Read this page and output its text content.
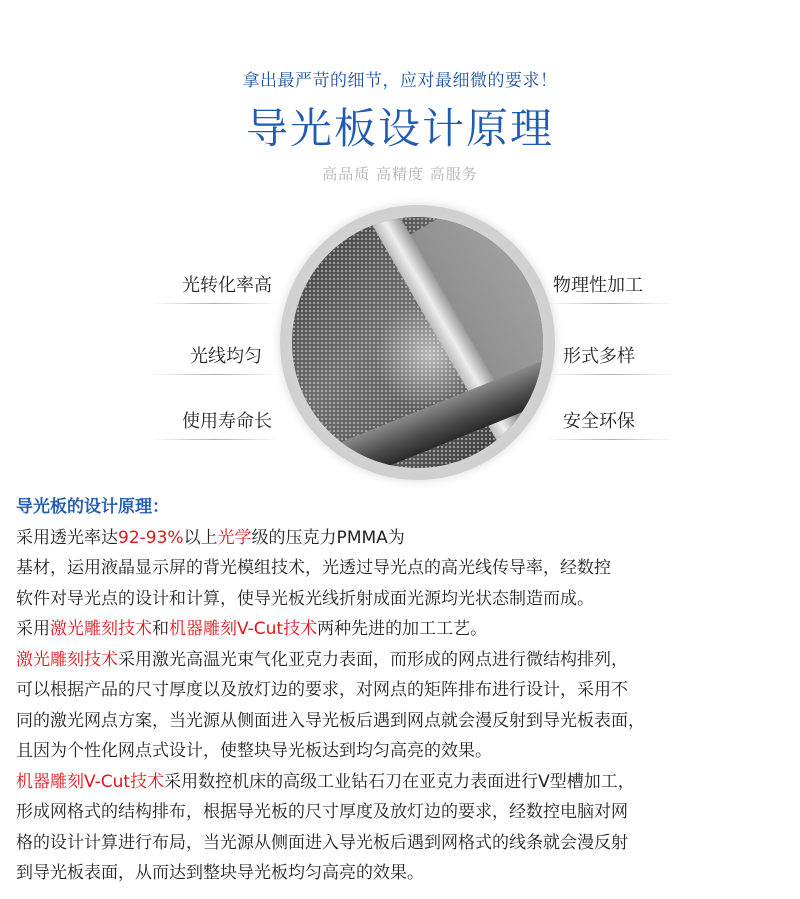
拿出最严苛的细节，应对最细微的要求！
导光板设计原理
高品质 高精度 高服务
光转化率高
光线均匀
使用寿命长
物理性加工
形式多样
安全环保

导光板的设计原理：

采用透光率达92-93%以上光学级的压克力PMMA为

基材，运用液晶显示屏的背光模组技术，光透过导光点的高光线传导率，经数控

软件对导光点的设计和计算，使导光板光线折射成面光源均光状态制造而成。

采用激光雕刻技术和机器雕刻V-Cut技术两种先进的加工工艺。

激光雕刻技术采用激光高温光束气化亚克力表面，而形成的网点进行微结构排列，

可以根据产品的尺寸厚度以及放灯边的要求，对网点的矩阵排布进行设计，采用不

同的激光网点方案，当光源从侧面进入导光板后遇到网点就会漫反射到导光板表面，

且因为个性化网点式设计，使整块导光板达到均匀高亮的效果。

机器雕刻V-Cut技术采用数控机床的高级工业钻石刀在亚克力表面进行V型槽加工，

形成网格式的结构排布，根据导光板的尺寸厚度及放灯边的要求，经数控电脑对网

格的设计计算进行布局，当光源从侧面进入导光板后遇到网格式的线条就会漫反射

到导光板表面，从而达到整块导光板均匀高亮的效果。
